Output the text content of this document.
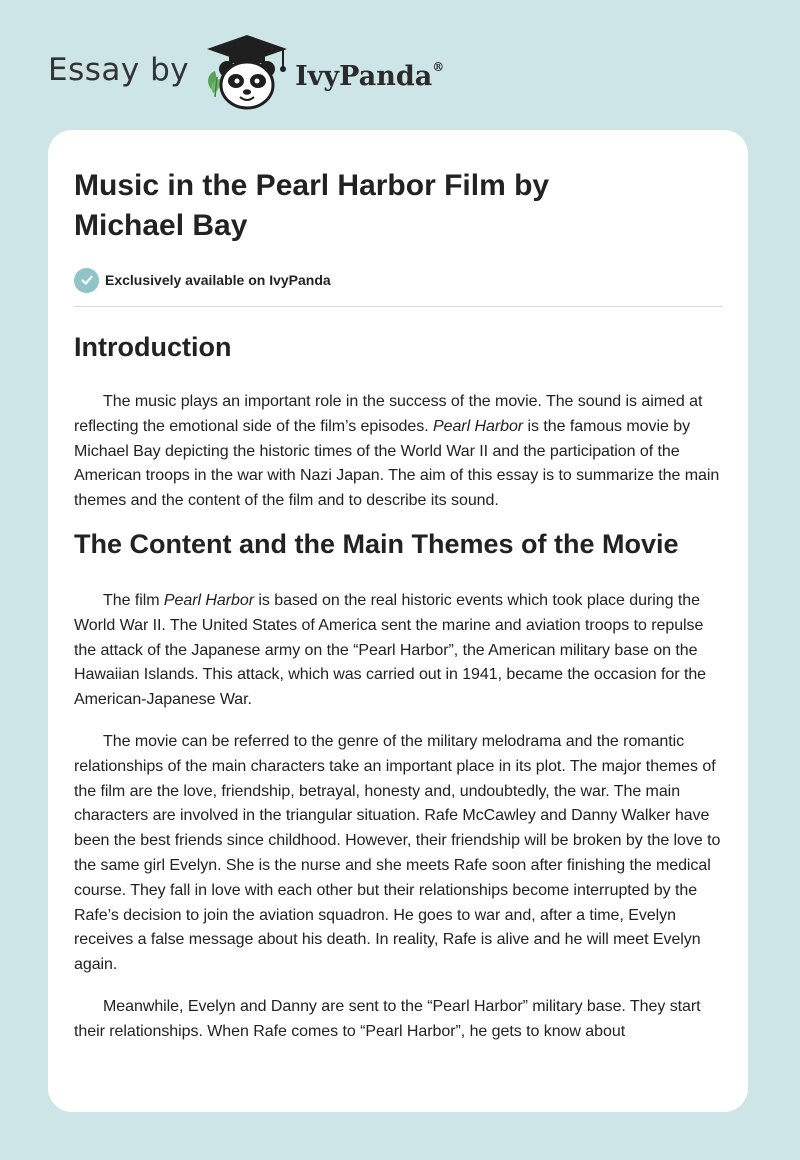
Essay by	IvyPanda®
Music in the Pearl Harbor Film by Michael Bay
Exclusively available on IvyPanda
Introduction

The music plays an important role in the success of the movie. The sound is aimed at reflecting the emotional side of the film’s episodes. Pearl Harbor is the famous movie by Michael Bay depicting the historic times of the World War II and the participation of the American troops in the war with Nazi Japan. The aim of this essay is to summarize the main themes and the content of the film and to describe its sound.

The Content and the Main Themes of the Movie

The film Pearl Harbor is based on the real historic events which took place during the World War II. The United States of America sent the marine and aviation troops to repulse the attack of the Japanese army on the “Pearl Harbor”, the American military base on the Hawaiian Islands. This attack, which was carried out in 1941, became the occasion for the American-Japanese War.

The movie can be referred to the genre of the military melodrama and the romantic relationships of the main characters take an important place in its plot. The major themes of the film are the love, friendship, betrayal, honesty and, undoubtedly, the war. The main characters are involved in the triangular situation. Rafe McCawley and Danny Walker have been the best friends since childhood. However, their friendship will be broken by the love to the same girl Evelyn. She is the nurse and she meets Rafe soon after finishing the medical course. They fall in love with each other but their relationships become interrupted by the Rafe’s decision to join the aviation squadron. He goes to war and, after a time, Evelyn receives a false message about his death. In reality, Rafe is alive and he will meet Evelyn again.

Meanwhile, Evelyn and Danny are sent to the “Pearl Harbor” military base. They start their relationships. When Rafe comes to “Pearl Harbor”, he gets to know about
